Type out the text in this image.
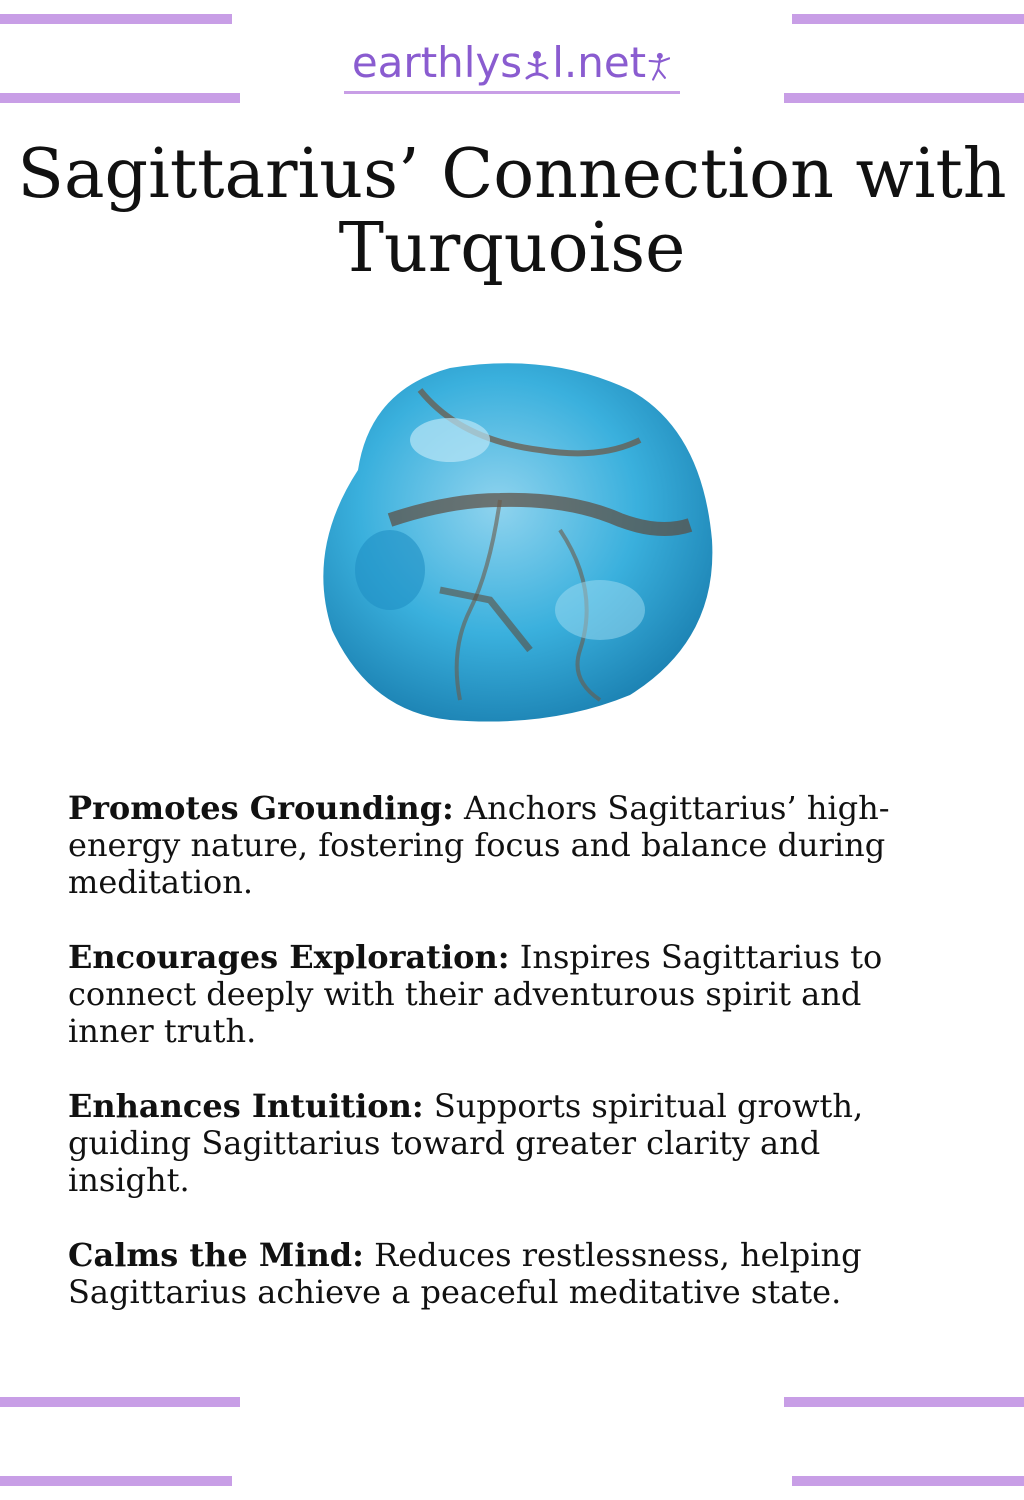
earthlys l.net
Sagittarius’ Connection with Turquoise

Promotes Grounding: Anchors Sagittarius’ high-energy nature, fostering focus and balance during meditation.

Encourages Exploration: Inspires Sagittarius to connect deeply with their adventurous spirit and inner truth.

Enhances Intuition: Supports spiritual growth, guiding Sagittarius toward greater clarity and insight.

Calms the Mind: Reduces restlessness, helping Sagittarius achieve a peaceful meditative state.
